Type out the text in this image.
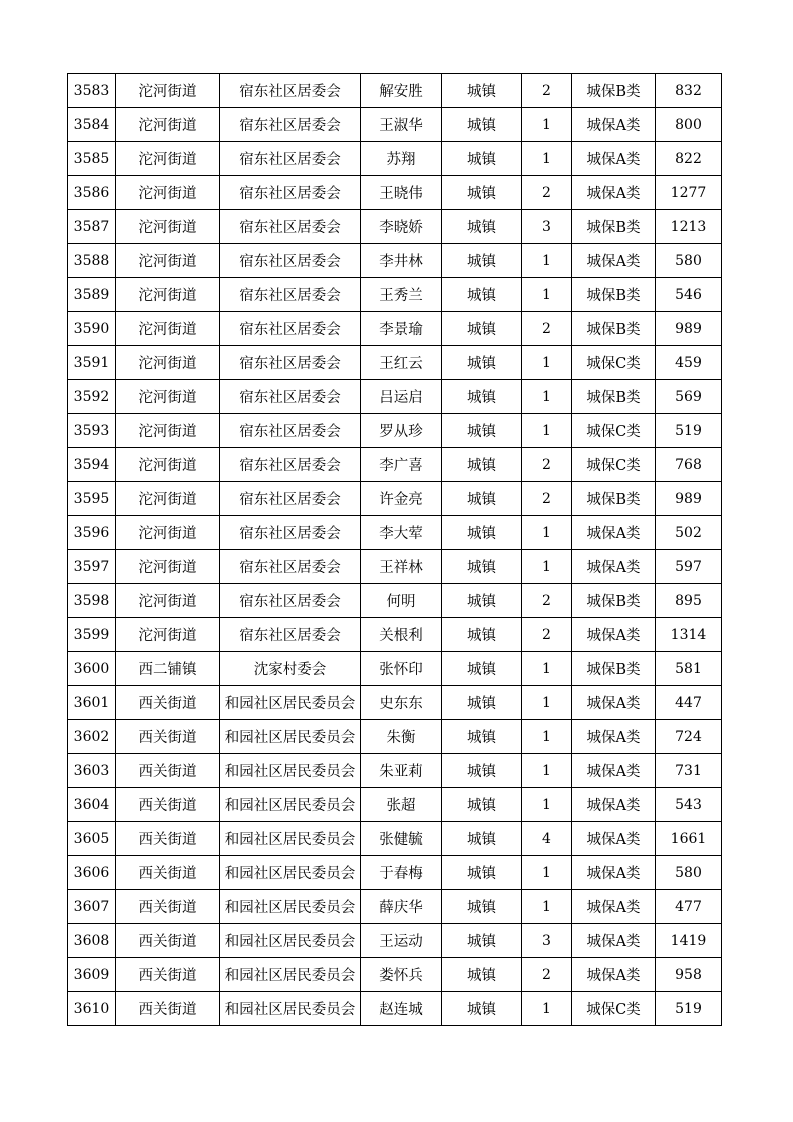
3583	沱河街道	宿东社区居委会	解安胜	城镇	2	城保B类	832
3584	沱河街道	宿东社区居委会	王淑华	城镇	1	城保A类	800
3585	沱河街道	宿东社区居委会	苏翔	城镇	1	城保A类	822
3586	沱河街道	宿东社区居委会	王晓伟	城镇	2	城保A类	1277
3587	沱河街道	宿东社区居委会	李晓娇	城镇	3	城保B类	1213
3588	沱河街道	宿东社区居委会	李井林	城镇	1	城保A类	580
3589	沱河街道	宿东社区居委会	王秀兰	城镇	1	城保B类	546
3590	沱河街道	宿东社区居委会	李景瑜	城镇	2	城保B类	989
3591	沱河街道	宿东社区居委会	王红云	城镇	1	城保C类	459
3592	沱河街道	宿东社区居委会	吕运启	城镇	1	城保B类	569
3593	沱河街道	宿东社区居委会	罗从珍	城镇	1	城保C类	519
3594	沱河街道	宿东社区居委会	李广喜	城镇	2	城保C类	768
3595	沱河街道	宿东社区居委会	许金亮	城镇	2	城保B类	989
3596	沱河街道	宿东社区居委会	李大荤	城镇	1	城保A类	502
3597	沱河街道	宿东社区居委会	王祥林	城镇	1	城保A类	597
3598	沱河街道	宿东社区居委会	何明	城镇	2	城保B类	895
3599	沱河街道	宿东社区居委会	关根利	城镇	2	城保A类	1314
3600	西二铺镇	沈家村委会	张怀印	城镇	1	城保B类	581
3601	西关街道	和园社区居民委员会	史东东	城镇	1	城保A类	447
3602	西关街道	和园社区居民委员会	朱衡	城镇	1	城保A类	724
3603	西关街道	和园社区居民委员会	朱亚莉	城镇	1	城保A类	731
3604	西关街道	和园社区居民委员会	张超	城镇	1	城保A类	543
3605	西关街道	和园社区居民委员会	张健毓	城镇	4	城保A类	1661
3606	西关街道	和园社区居民委员会	于春梅	城镇	1	城保A类	580
3607	西关街道	和园社区居民委员会	薛庆华	城镇	1	城保A类	477
3608	西关街道	和园社区居民委员会	王运动	城镇	3	城保A类	1419
3609	西关街道	和园社区居民委员会	娄怀兵	城镇	2	城保A类	958
3610	西关街道	和园社区居民委员会	赵连城	城镇	1	城保C类	519
